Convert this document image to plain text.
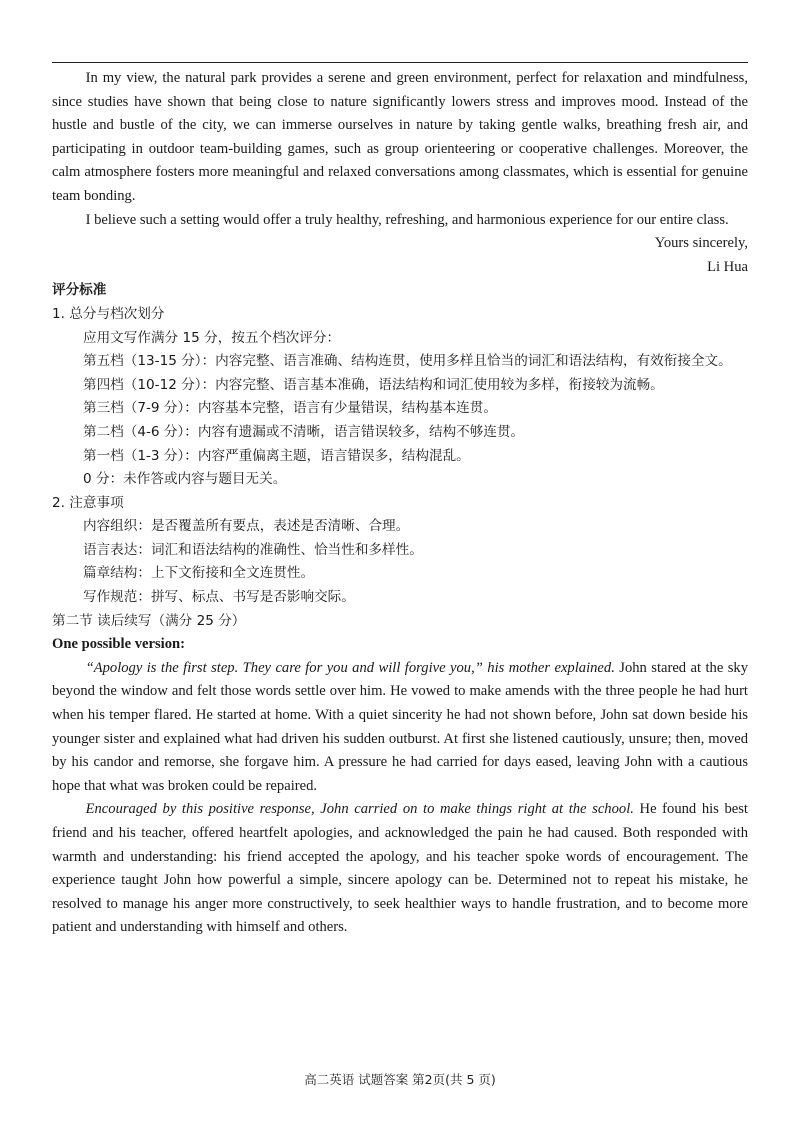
In my view, the natural park provides a serene and green environment, perfect for relaxation and mindfulness, since studies have shown that being close to nature significantly lowers stress and improves mood. Instead of the hustle and bustle of the city, we can immerse ourselves in nature by taking gentle walks, breathing fresh air, and participating in outdoor team-building games, such as group orienteering or cooperative challenges. Moreover, the calm atmosphere fosters more meaningful and relaxed conversations among classmates, which is essential for genuine team bonding.

I believe such a setting would offer a truly healthy, refreshing, and harmonious experience for our entire class.

Yours sincerely,

Li Hua

评分标准

1. 总分与档次划分

应用文写作满分 15 分，按五个档次评分：

第五档（13-15 分）：内容完整、语言准确、结构连贯，使用多样且恰当的词汇和语法结构，有效衔接全文。

第四档（10-12 分）：内容完整、语言基本准确，语法结构和词汇使用较为多样，衔接较为流畅。

第三档（7-9 分）：内容基本完整，语言有少量错误，结构基本连贯。

第二档（4-6 分）：内容有遗漏或不清晰，语言错误较多，结构不够连贯。

第一档（1-3 分）：内容严重偏离主题，语言错误多，结构混乱。

0 分：未作答或内容与题目无关。

2. 注意事项

内容组织：是否覆盖所有要点，表述是否清晰、合理。

语言表达：词汇和语法结构的准确性、恰当性和多样性。

篇章结构：上下文衔接和全文连贯性。

写作规范：拼写、标点、书写是否影响交际。

第二节 读后续写（满分 25 分）

One possible version:

“Apology is the first step. They care for you and will forgive you,” his mother explained. John stared at the sky beyond the window and felt those words settle over him. He vowed to make amends with the three people he had hurt when his temper flared. He started at home. With a quiet sincerity he had not shown before, John sat down beside his younger sister and explained what had driven his sudden outburst. At first she listened cautiously, unsure; then, moved by his candor and remorse, she forgave him. A pressure he had carried for days eased, leaving John with a cautious hope that what was broken could be repaired.

Encouraged by this positive response, John carried on to make things right at the school. He found his best friend and his teacher, offered heartfelt apologies, and acknowledged the pain he had caused. Both responded with warmth and understanding: his friend accepted the apology, and his teacher spoke words of encouragement. The experience taught John how powerful a simple, sincere apology can be. Determined not to repeat his mistake, he resolved to manage his anger more constructively, to seek healthier ways to handle frustration, and to become more patient and understanding with himself and others.

高二英语 试题答案 第2页(共 5 页)
